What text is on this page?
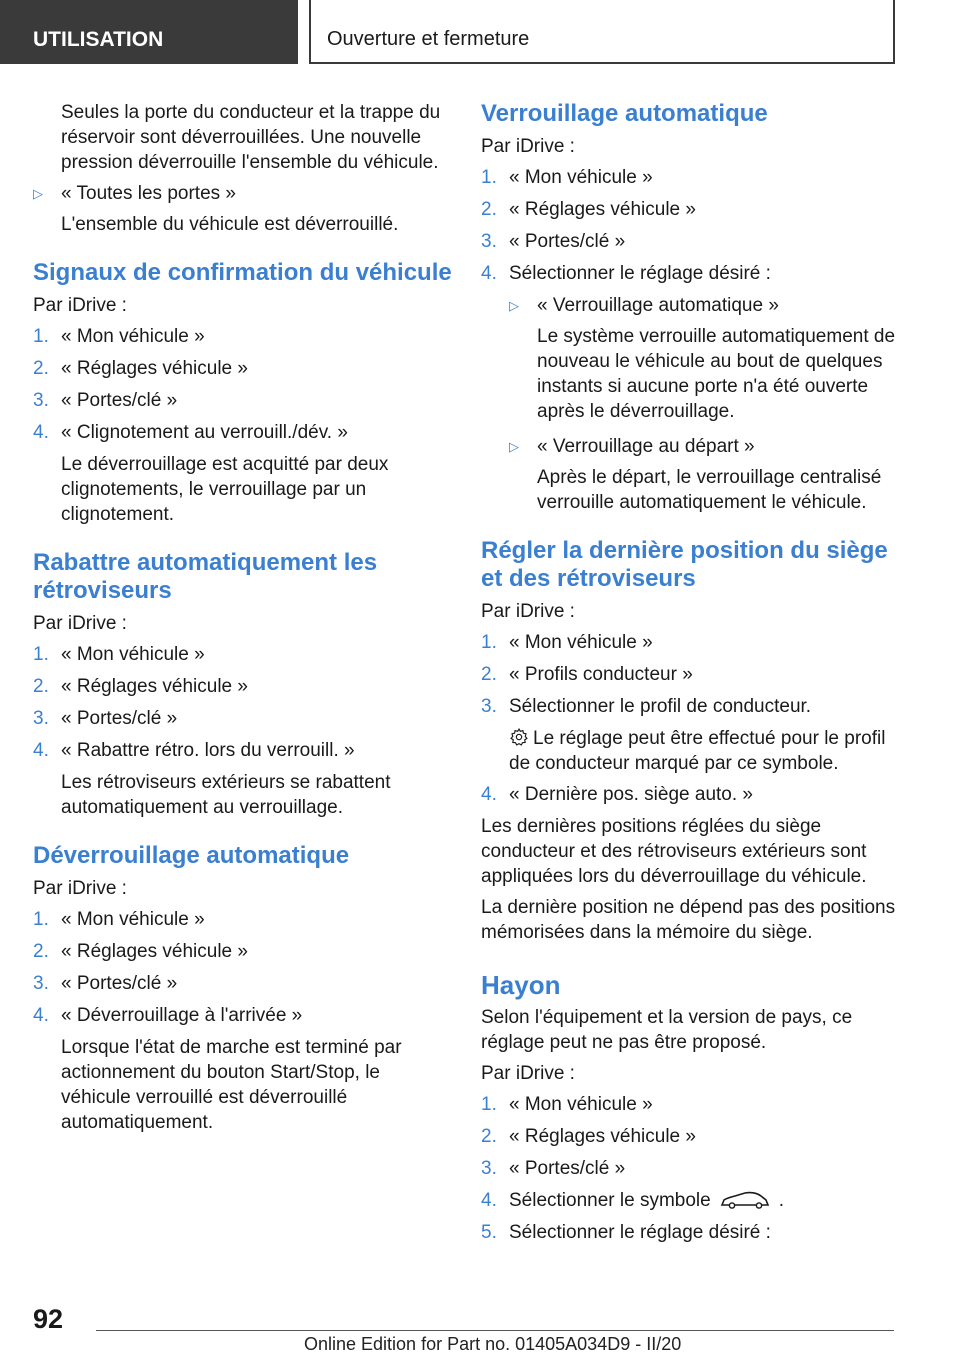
UTILISATION	Ouverture et fermeture

Seules la porte du conducteur et la trappe du réservoir sont déverrouillées. Une nouvelle pression déverrouille l'ensemble du véhicule.

▷ « Toutes les portes »

L'ensemble du véhicule est déverrouillé.

Signaux de confirmation du véhicule

Par iDrive :

1. « Mon véhicule »
2. « Réglages véhicule »
3. « Portes/clé »
4. « Clignotement au verrouill./dév. »

Le déverrouillage est acquitté par deux clignotements, le verrouillage par un clignotement.

Rabattre automatiquement les rétroviseurs

Par iDrive :

1. « Mon véhicule »
2. « Réglages véhicule »
3. « Portes/clé »
4. « Rabattre rétro. lors du verrouill. »

Les rétroviseurs extérieurs se rabattent automatiquement au verrouillage.

Déverrouillage automatique

Par iDrive :

1. « Mon véhicule »
2. « Réglages véhicule »
3. « Portes/clé »
4. « Déverrouillage à l'arrivée »

Lorsque l'état de marche est terminé par actionnement du bouton Start/Stop, le véhicule verrouillé est déverrouillé automatiquement.

Verrouillage automatique

Par iDrive :

1. « Mon véhicule »
2. « Réglages véhicule »
3. « Portes/clé »
4. Sélectionner le réglage désiré :
▷ « Verrouillage automatique »

Le système verrouille automatiquement de nouveau le véhicule au bout de quelques instants si aucune porte n'a été ouverte après le déverrouillage.

▷ « Verrouillage au départ »

Après le départ, le verrouillage centralisé verrouille automatiquement le véhicule.

Régler la dernière position du siège et des rétroviseurs

Par iDrive :

1. « Mon véhicule »
2. « Profils conducteur »
3. Sélectionner le profil de conducteur.

Le réglage peut être effectué pour le profil de conducteur marqué par ce symbole.

4. « Dernière pos. siège auto. »

Les dernières positions réglées du siège conducteur et des rétroviseurs extérieurs sont appliquées lors du déverrouillage du véhicule.

La dernière position ne dépend pas des positions mémorisées dans la mémoire du siège.

Hayon

Selon l'équipement et la version de pays, ce réglage peut ne pas être proposé.

Par iDrive :

1. « Mon véhicule »
2. « Réglages véhicule »
3. « Portes/clé »
4. Sélectionner le symbole	.
5. Sélectionner le réglage désiré :
92
Online Edition for Part no. 01405A034D9 - II/20
